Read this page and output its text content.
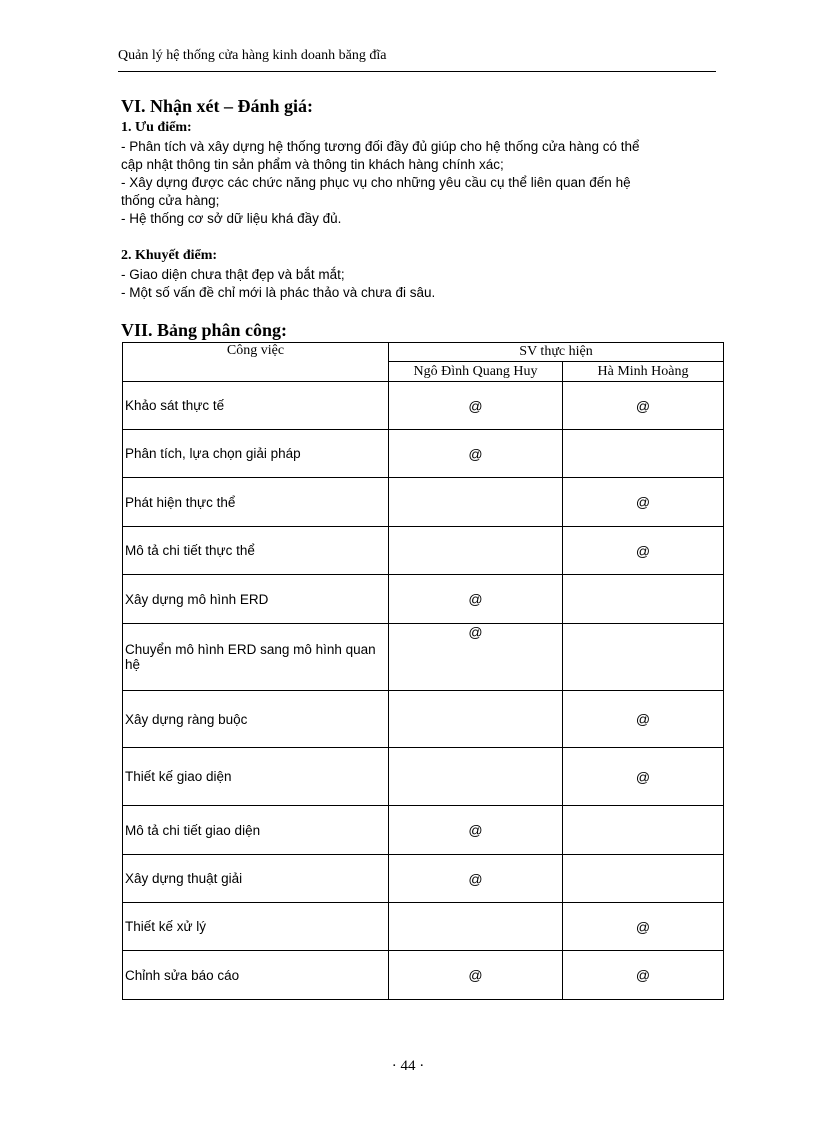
Quản lý hệ thống cửa hàng kinh doanh băng đĩa
VI. Nhận xét – Đánh giá:
1. Ưu điểm:
- Phân tích và xây dựng hệ thống tương đối đầy đủ giúp cho hệ thống cửa hàng có thể
cập nhật thông tin sản phẩm và thông tin khách hàng chính xác;
- Xây dựng được các chức năng phục vụ cho những yêu cầu cụ thể liên quan đến hệ
thống cửa hàng;
- Hệ thống cơ sở dữ liệu khá đầy đủ.
2. Khuyết điểm:
- Giao diện chưa thật đẹp và bắt mắt;
- Một số vấn đề chỉ mới là phác thảo và chưa đi sâu.
VII. Bảng phân công:
Công việc	SV thực hiện	
	Ngô Đình Quang Huy	Hà Minh Hoàng
Khảo sát thực tế	@	@
Phân tích, lựa chọn giải pháp	@	
Phát hiện thực thể		@
Mô tả chi tiết thực thể		@
Xây dựng mô hình ERD	@	
Chuyển mô hình ERD sang mô hình quan hệ	@	
Xây dựng ràng buộc		@
Thiết kế giao diện		@
Mô tả chi tiết giao diện	@	
Xây dựng thuật giải	@	
Thiết kế xử lý		@
Chỉnh sửa báo cáo	@	@
· 44 ·
